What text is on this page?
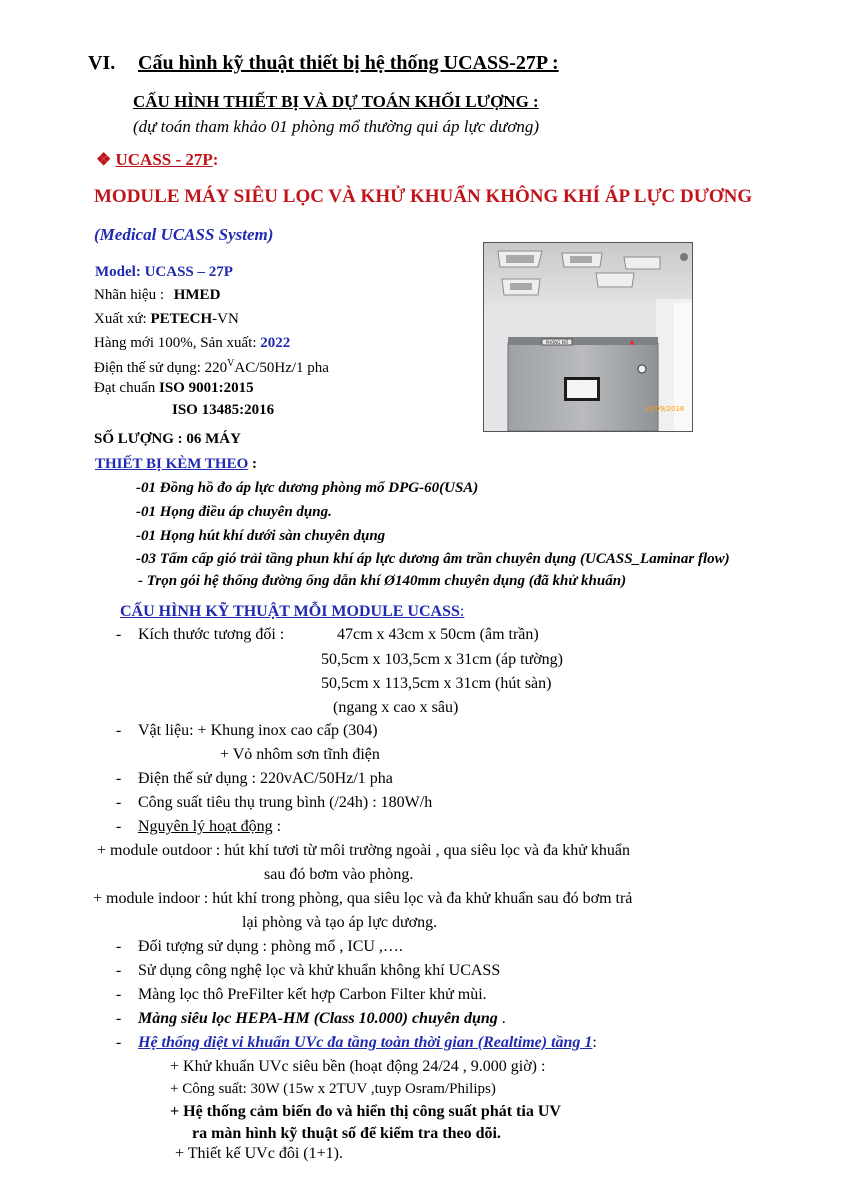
VI. Cấu hình kỹ thuật thiết bị hệ thống UCASS-27P :
CẤU HÌNH THIẾT BỊ VÀ DỰ TOÁN KHỐI LƯỢNG :
(dự toán tham khảo 01 phòng mổ thường qui áp lực dương)
❖ UCASS - 27P:
MODULE MÁY SIÊU LỌC VÀ KHỬ KHUẨN KHÔNG KHÍ ÁP LỰC DƯƠNG
(Medical UCASS System)
Model: UCASS – 27P
Nhãn hiệu : HMED
Xuất xứ: PETECH-VN
Hàng mới 100%, Sản xuất: 2022
Điện thế sử dụng: $220^VAC/50Hz/1$ pha
Đạt chuẩn ISO 9001:2015
ISO 13485:2016
SỐ LƯỢNG : 06 MÁY
PHÒNG MỔ
13/09/2018
THIẾT BỊ KÈM THEO :
-01 Đồng hồ đo áp lực dương phòng mổ DPG-60(USA)
-01 Họng điều áp chuyên dụng.
-01 Họng hút khí dưới sàn chuyên dụng
-03 Tấm cấp gió trải tầng phun khí áp lực dương âm trần chuyên dụng (UCASS_Laminar flow)
- Trọn gói hệ thống đường ống dẫn khí Ø140mm chuyên dụng (đã khử khuẩn)
CẤU HÌNH KỸ THUẬT MỖI MODULE UCASS:
- Kích thước tương đối :	47cm x 43cm x 50cm (âm trần)
50,5cm x 103,5cm x 31cm (áp tường)
50,5cm x 113,5cm x 31cm (hút sàn)
(ngang x cao x sâu)
- Vật liệu: + Khung inox cao cấp (304)
+ Vỏ nhôm sơn tĩnh điện
- Điện thế sử dụng : 220vAC/50Hz/1 pha
- Công suất tiêu thụ trung bình (/24h) : 180W/h
- Nguyên lý hoạt động :
+ module outdoor : hút khí tươi từ môi trường ngoài , qua siêu lọc và đa khử khuẩn
sau đó bơm vào phòng.
+ module indoor : hút khí trong phòng, qua siêu lọc và đa khử khuẩn sau đó bơm trả
lại phòng và tạo áp lực dương.
- Đối tượng sử dụng : phòng mổ , ICU ,….
- Sử dụng công nghệ lọc và khử khuẩn không khí UCASS
- Màng lọc thô PreFilter kết hợp Carbon Filter khử mùi.
- Màng siêu lọc HEPA-HM (Class 10.000) chuyên dụng .
- Hệ thống diệt vi khuẩn UVc đa tầng toàn thời gian (Realtime) tầng 1:
+ Khử khuẩn UVc siêu bền (hoạt động 24/24 , 9.000 giờ) :
+ Công suất: 30W (15w x 2TUV ,tuyp Osram/Philips)
+ Hệ thống cảm biến đo và hiển thị công suất phát tia UV
ra màn hình kỹ thuật số để kiểm tra theo dõi.
+ Thiết kế UVc đôi (1+1).
